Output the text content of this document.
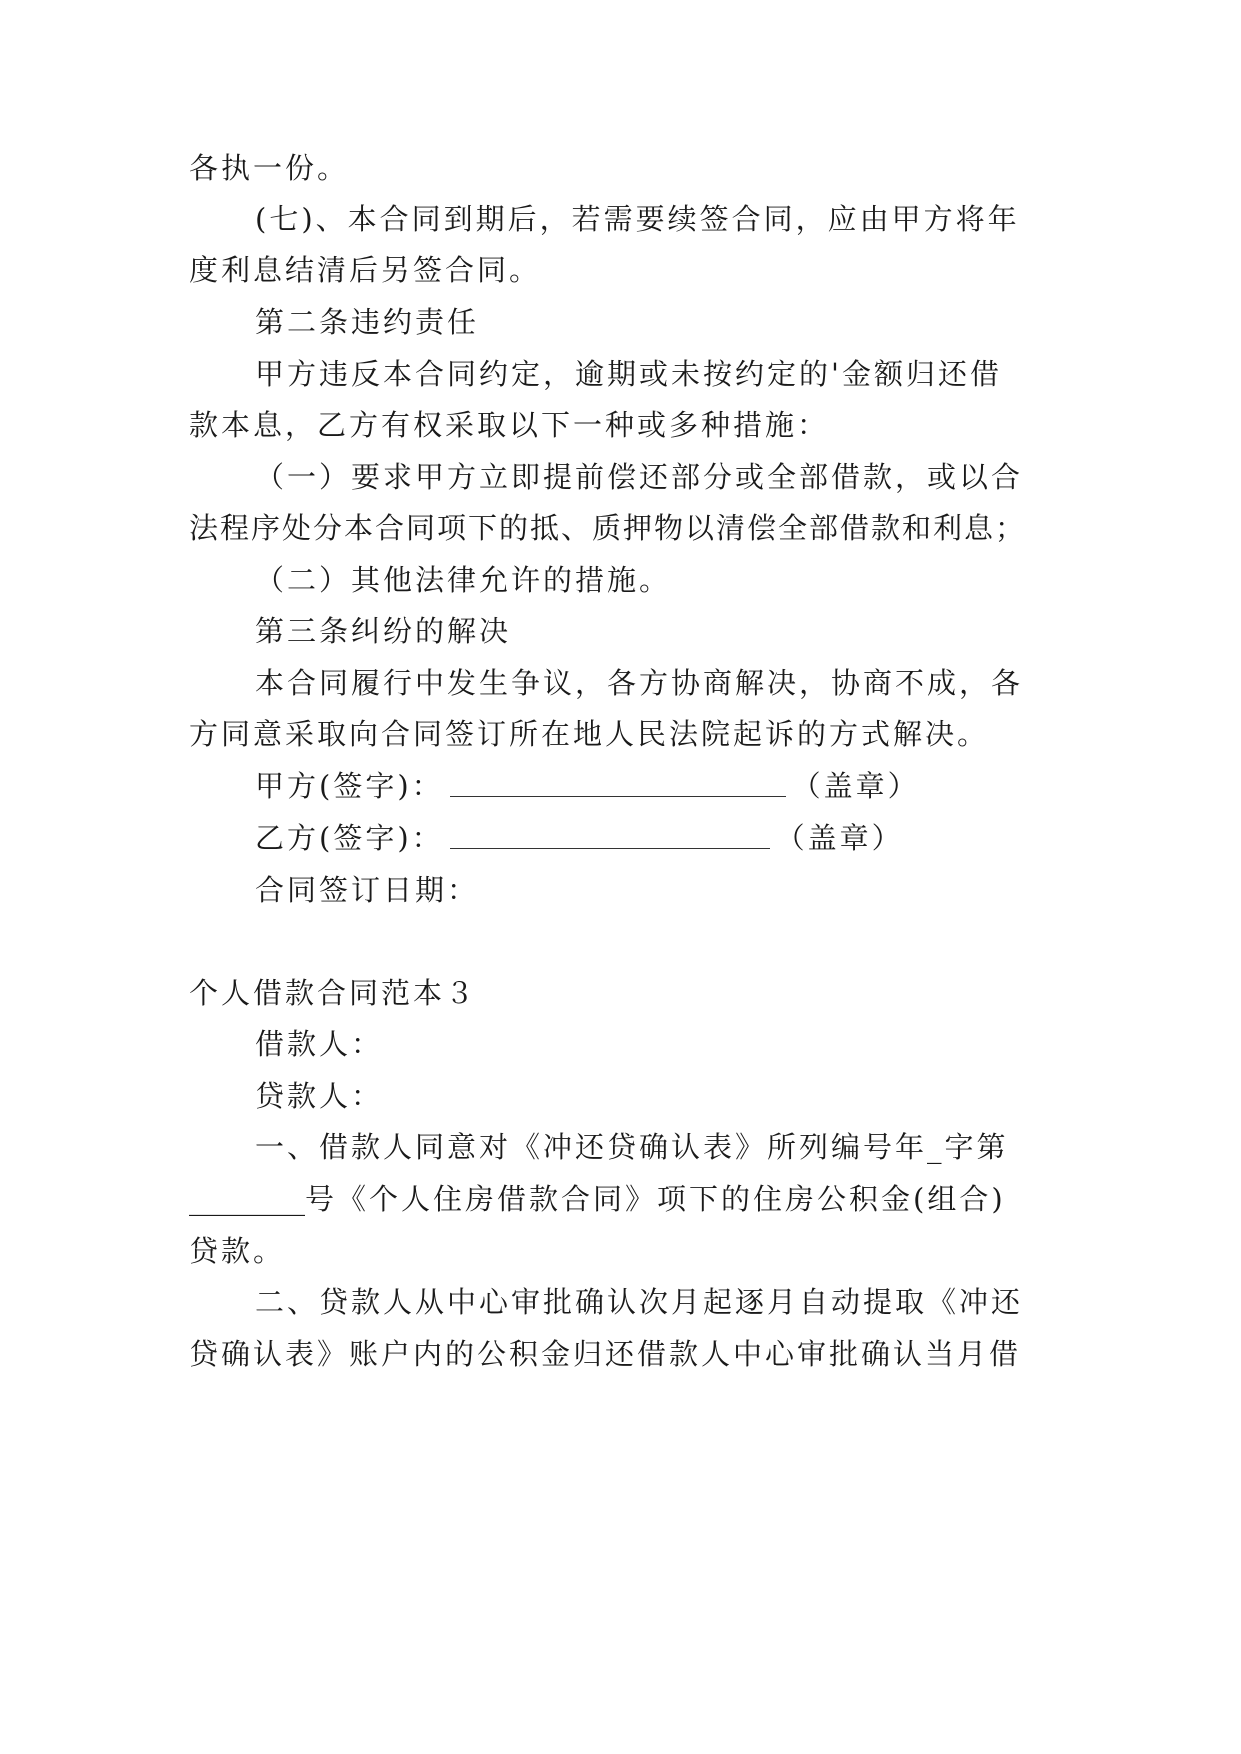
各执一份。
(七)、本合同到期后，若需要续签合同，应由甲方将年
度利息结清后另签合同。
第二条违约责任
甲方违反本合同约定，逾期或未按约定的'金额归还借
款本息，乙方有权采取以下一种或多种措施：
（一）要求甲方立即提前偿还部分或全部借款，或以合
法程序处分本合同项下的抵、质押物以清偿全部借款和利息；
（二）其他法律允许的措施。
第三条纠纷的解决
本合同履行中发生争议，各方协商解决，协商不成，各
方同意采取向合同签订所在地人民法院起诉的方式解决。
甲方(签字)：	（盖章）
乙方(签字)：	（盖章）
合同签订日期：
个人借款合同范本３
借款人：
贷款人：
一、借款人同意对《冲还贷确认表》所列编号年_字第
________号《个人住房借款合同》项下的住房公积金(组合)
贷款。
二、贷款人从中心审批确认次月起逐月自动提取《冲还
贷确认表》账户内的公积金归还借款人中心审批确认当月借
